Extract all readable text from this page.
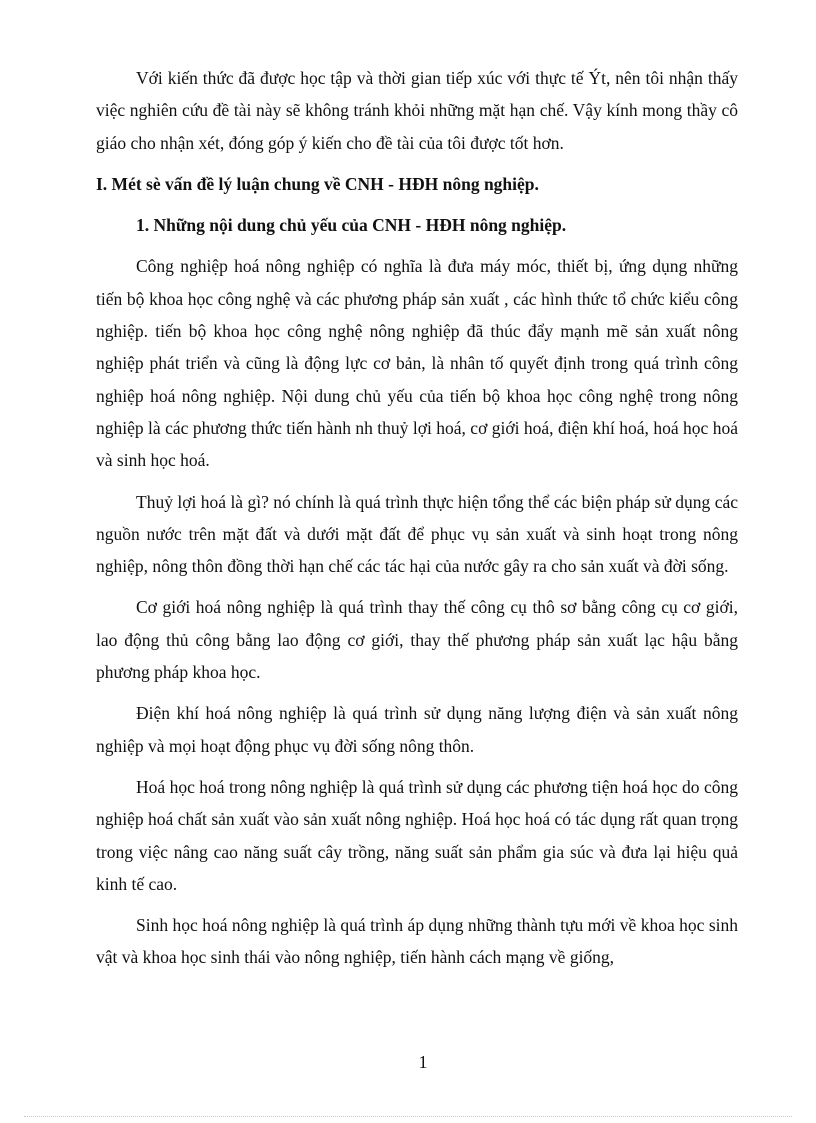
Với kiến thức đã được học tập và thời gian tiếp xúc với thực tế Ýt, nên tôi nhận thấy việc nghiên cứu đề tài này sẽ không tránh khỏi những mặt hạn chế. Vậy kính mong thầy cô giáo cho nhận xét, đóng góp ý kiến cho đề tài của tôi được tốt hơn.

I. Mét sè vấn đề lý luận chung về CNH - HĐH nông nghiệp.

1. Những nội dung chủ yếu của CNH - HĐH nông nghiệp.

Công nghiệp hoá nông nghiệp có nghĩa là đưa máy móc, thiết bị, ứng dụng những tiến bộ khoa học công nghệ và các phương pháp sản xuất , các hình thức tổ chức kiểu công nghiệp. tiến bộ khoa học công nghệ nông nghiệp đã thúc đẩy mạnh mẽ sản xuất nông nghiệp phát triển và cũng là động lực cơ bản, là nhân tố quyết định trong quá trình công nghiệp hoá nông nghiệp. Nội dung chủ yếu của tiến bộ khoa học công nghệ trong nông nghiệp là các phương thức tiến hành nh thuỷ lợi hoá, cơ giới hoá, điện khí hoá, hoá học hoá và sinh học hoá.

Thuỷ lợi hoá là gì? nó chính là quá trình thực hiện tổng thể các biện pháp sử dụng các nguồn nước trên mặt đất và dưới mặt đất để phục vụ sản xuất và sinh hoạt trong nông nghiệp, nông thôn đồng thời hạn chế các tác hại của nước gây ra cho sản xuất và đời sống.

Cơ giới hoá nông nghiệp là quá trình thay thế công cụ thô sơ bằng công cụ cơ giới, lao động thủ công bằng lao động cơ giới, thay thế phương pháp sản xuất lạc hậu bằng phương pháp khoa học.

Điện khí hoá nông nghiệp là quá trình sử dụng năng lượng điện và sản xuất nông nghiệp và mọi hoạt động phục vụ đời sống nông thôn.

Hoá học hoá trong nông nghiệp là quá trình sử dụng các phương tiện hoá học do công nghiệp hoá chất sản xuất vào sản xuất nông nghiệp. Hoá học hoá có tác dụng rất quan trọng trong việc nâng cao năng suất cây trồng, năng suất sản phẩm gia súc và đưa lại hiệu quả kinh tế cao.

Sinh học hoá nông nghiệp là quá trình áp dụng những thành tựu mới về khoa học sinh vật và khoa học sinh thái vào nông nghiệp, tiến hành cách mạng về giống,

1
